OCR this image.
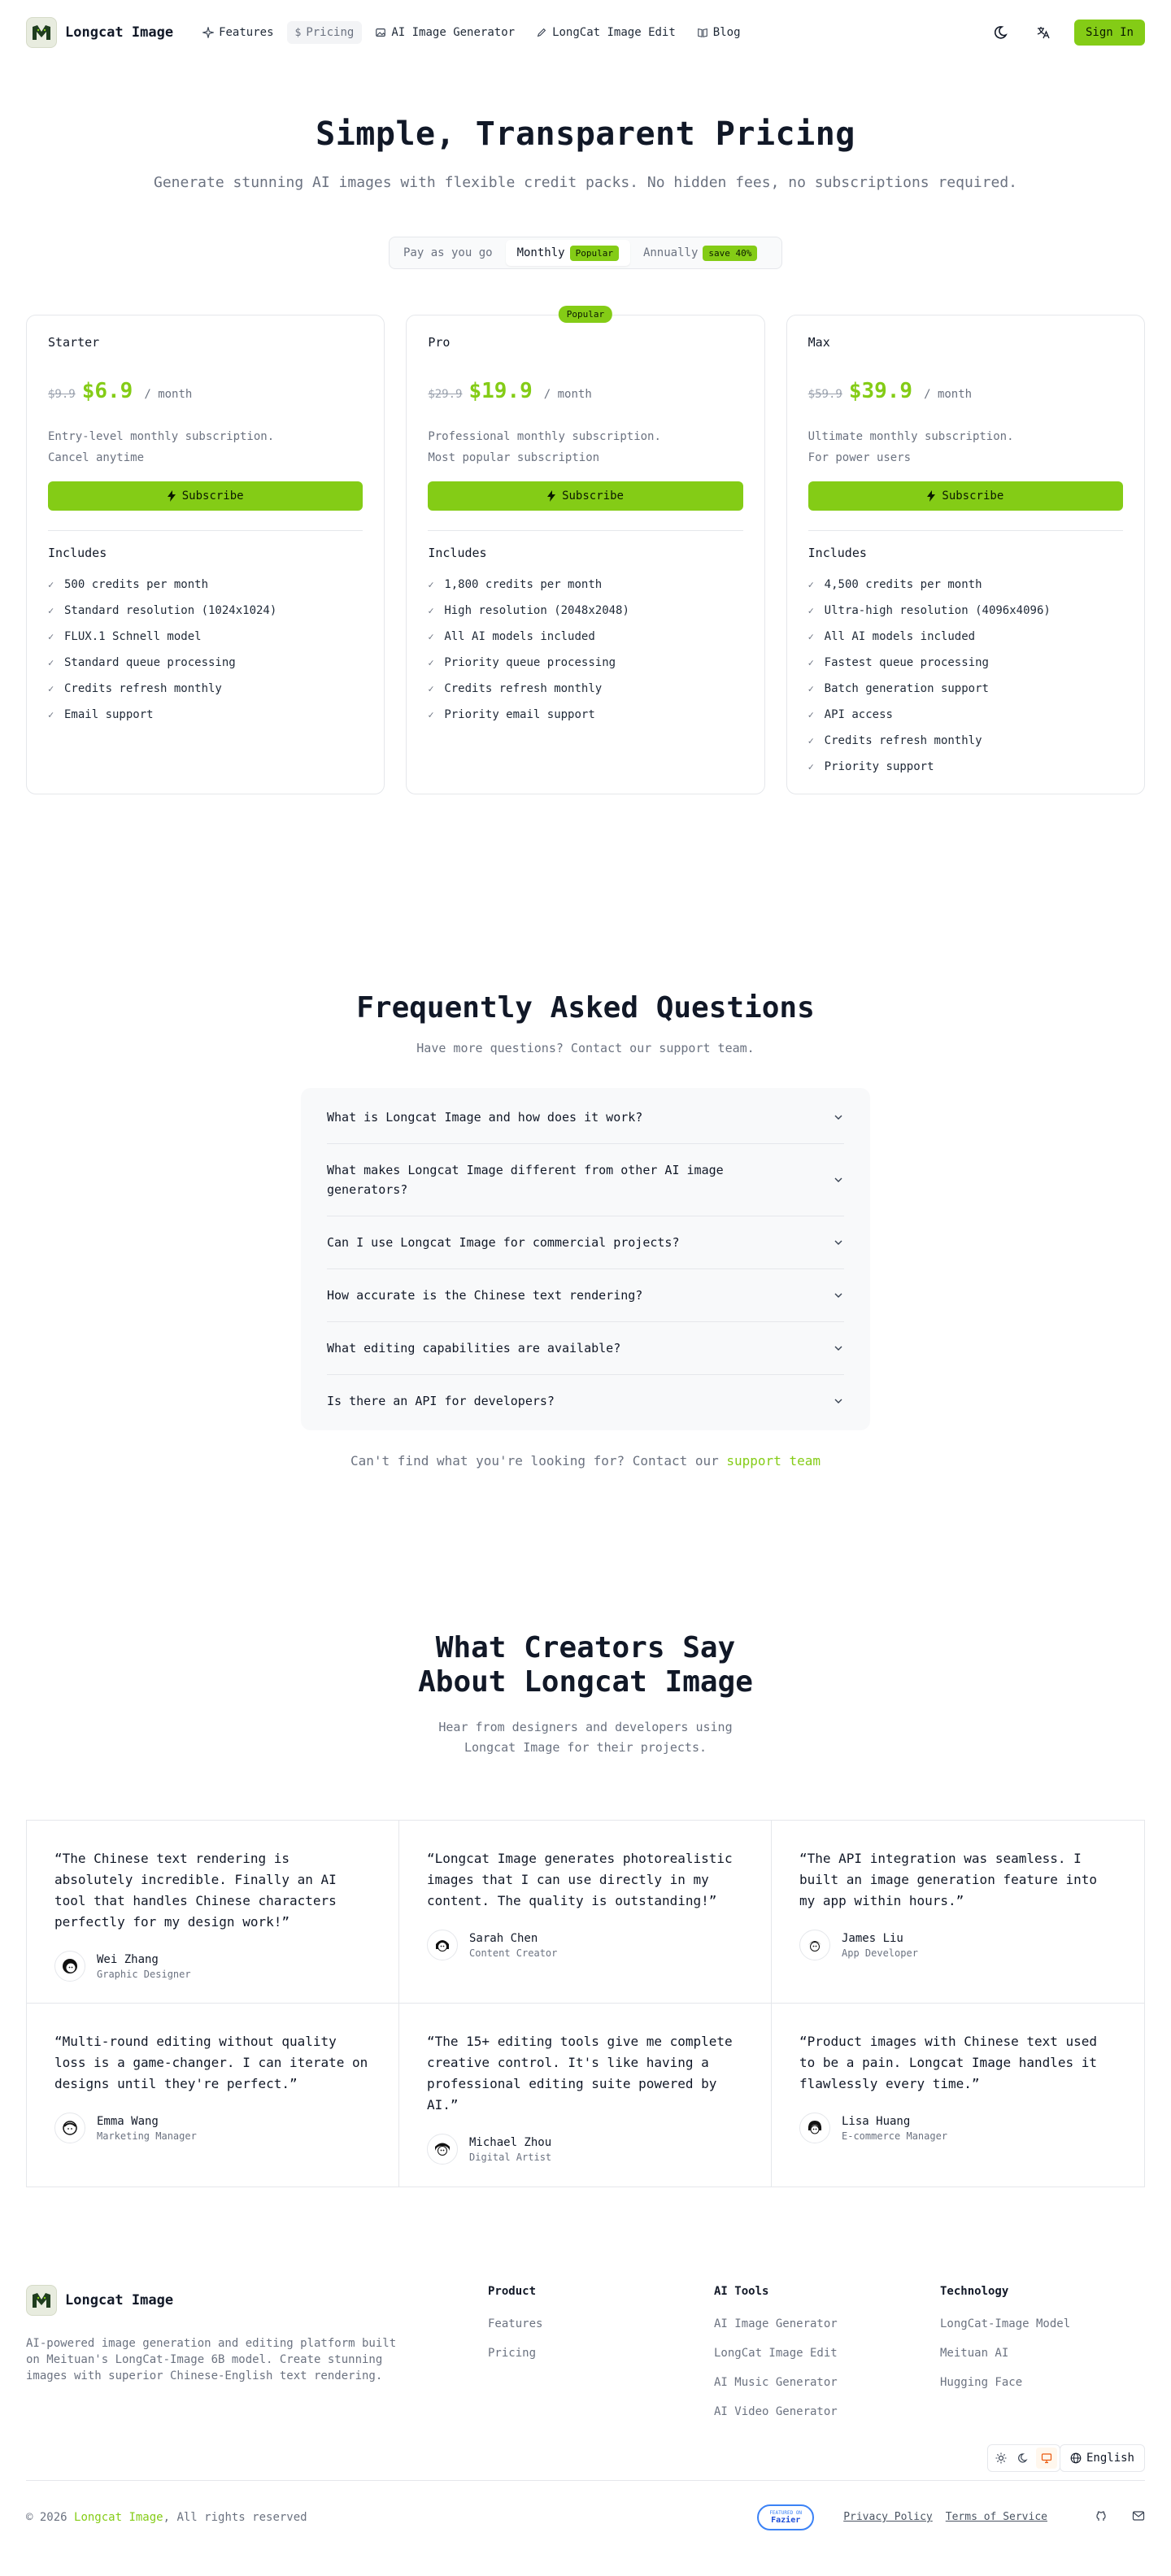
Longcat Image	Features $ Pricing	AI Image Generator	LongCat Image Edit	Blog	Sign In
Simple, Transparent Pricing

Generate stunning AI images with flexible credit packs. No hidden fees, no subscriptions required.

Pay as you go Monthly	Popular	Annually	save 40%
Starter
$9.9 $6.9 / month
Entry-level monthly subscription.
Cancel anytime
Subscribe
Includes
✓ 500 credits per month
✓ Standard resolution (1024x1024)
✓ FLUX.1 Schnell model
✓ Standard queue processing
✓ Credits refresh monthly
✓ Email support
Popular
Pro
$29.9 $19.9 / month
Professional monthly subscription.
Most popular subscription
Subscribe
Includes
✓ 1,800 credits per month
✓ High resolution (2048x2048)
✓ All AI models included
✓ Priority queue processing
✓ Credits refresh monthly
✓ Priority email support
Max
$59.9 $39.9 / month
Ultimate monthly subscription.
For power users
Subscribe
Includes
✓ 4,500 credits per month
✓ Ultra-high resolution (4096x4096)
✓ All AI models included
✓ Fastest queue processing
✓ Batch generation support
✓ API access
✓ Credits refresh monthly
✓ Priority support
Frequently Asked Questions
Have more questions? Contact our support team.
What is Longcat Image and how does it work?
What makes Longcat Image different from other AI image generators?
Can I use Longcat Image for commercial projects?
How accurate is the Chinese text rendering?
What editing capabilities are available?
Is there an API for developers?
Can't find what you're looking for? Contact our support team
What Creators Say
About Longcat Image
Hear from designers and developers using Longcat Image for their projects.
“The Chinese text rendering is absolutely incredible. Finally an AI tool that handles Chinese characters perfectly for my design work!”
Wei Zhang
Graphic Designer
“Longcat Image generates photorealistic images that I can use directly in my content. The quality is outstanding!”
Sarah Chen
Content Creator
“The API integration was seamless. I built an image generation feature into my app within hours.”
James Liu
App Developer
“Multi-round editing without quality loss is a game-changer. I can iterate on designs until they're perfect.”
Emma Wang
Marketing Manager
“The 15+ editing tools give me complete creative control. It's like having a professional editing suite powered by AI.”
Michael Zhou
Digital Artist
“Product images with Chinese text used to be a pain. Longcat Image handles it flawlessly every time.”
Lisa Huang
E-commerce Manager
Longcat Image

AI-powered image generation and editing platform built on Meituan's LongCat-Image 6B model. Create stunning images with superior Chinese-English text rendering.

Product
Features
Pricing
AI Tools
AI Image Generator
LongCat Image Edit
AI Music Generator
AI Video Generator
Technology
LongCat-Image Model
Meituan AI
Hugging Face
English
© 2026 Longcat Image, All rights reserved	FEATURED ON
Fazier	Privacy Policy Terms of Service
